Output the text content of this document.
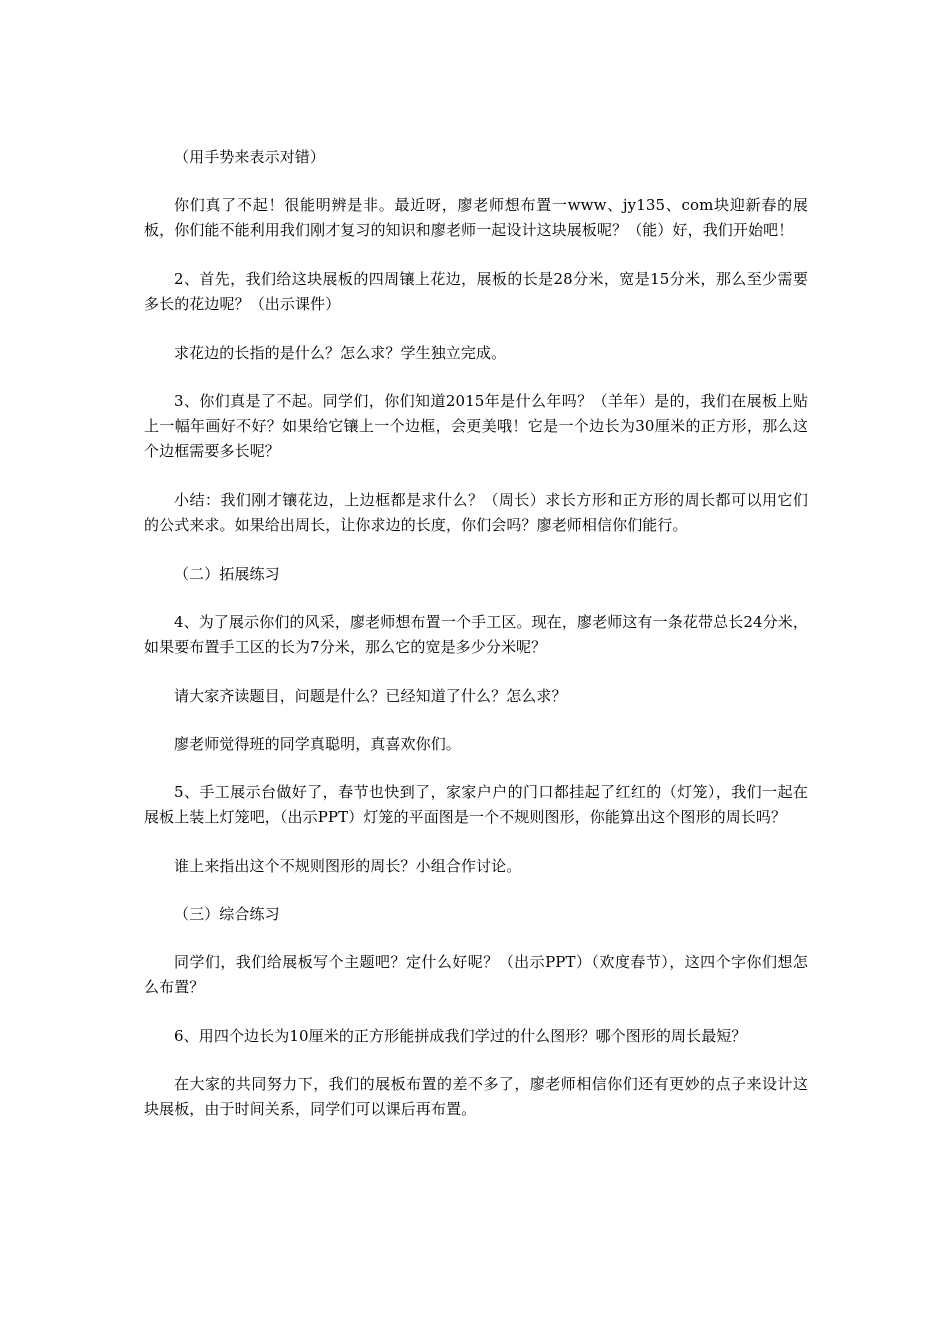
（用手势来表示对错）

你们真了不起！很能明辨是非。最近呀，廖老师想布置一www、jy135、com块迎新春的展板，你们能不能利用我们刚才复习的知识和廖老师一起设计这块展板呢？（能）好，我们开始吧！

2、首先，我们给这块展板的四周镶上花边，展板的长是28分米，宽是15分米，那么至少需要多长的花边呢？（出示课件）

求花边的长指的是什么？怎么求？学生独立完成。

3、你们真是了不起。同学们，你们知道2015年是什么年吗？（羊年）是的，我们在展板上贴上一幅年画好不好？如果给它镶上一个边框，会更美哦！它是一个边长为30厘米的正方形，那么这个边框需要多长呢？

小结：我们刚才镶花边，上边框都是求什么？（周长）求长方形和正方形的周长都可以用它们的公式来求。如果给出周长，让你求边的长度，你们会吗？廖老师相信你们能行。

（二）拓展练习

4、为了展示你们的风采，廖老师想布置一个手工区。现在，廖老师这有一条花带总长24分米，如果要布置手工区的长为7分米，那么它的宽是多少分米呢？

请大家齐读题目，问题是什么？已经知道了什么？怎么求？

廖老师觉得班的同学真聪明，真喜欢你们。

5、手工展示台做好了，春节也快到了，家家户户的门口都挂起了红红的（灯笼），我们一起在展板上装上灯笼吧，（出示PPT）灯笼的平面图是一个不规则图形，你能算出这个图形的周长吗？

谁上来指出这个不规则图形的周长？小组合作讨论。

（三）综合练习

同学们，我们给展板写个主题吧？定什么好呢？（出示PPT）（欢度春节），这四个字你们想怎么布置？

6、用四个边长为10厘米的正方形能拼成我们学过的什么图形？哪个图形的周长最短？

在大家的共同努力下，我们的展板布置的差不多了，廖老师相信你们还有更妙的点子来设计这块展板，由于时间关系，同学们可以课后再布置。
